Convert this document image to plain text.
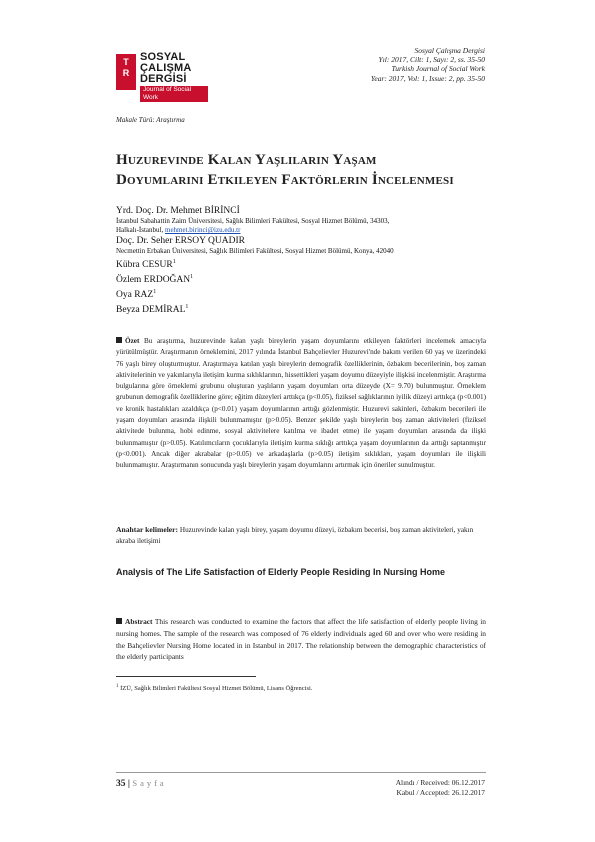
T
R
SOSYAL
ÇALIŞMA
DERGİSİ
Journal of Social Work
Sosyal Çalışma Dergisi
Yıl: 2017, Cilt: 1, Sayı: 2, ss. 35-50
Turkish Journal of Social Work
Year: 2017, Vol: 1, Issue: 2, pp. 35-50
Makale Türü: Araştırma
Huzurevinde Kalan Yaşlıların Yaşam
Doyumlarını Etkileyen Faktörlerin İncelenmesi
Yrd. Doç. Dr. Mehmet BİRİNCİ
İstanbul Sabahattin Zaim Üniversitesi, Sağlık Bilimleri Fakültesi, Sosyal Hizmet Bölümü, 34303,
Halkalı-İstanbul, mehmet.birinci@izu.edu.tr
Doç. Dr. Seher ERSOY QUADIR
Necmettin Erbakan Üniversitesi, Sağlık Bilimleri Fakültesi, Sosyal Hizmet Bölümü, Konya, 42040
Kübra CESUR$^1$
Özlem ERDOĞAN$^1$
Oya RAZ$^1$
Beyza DEMİRAL$^1$
Özet Bu araştırma, huzurevinde kalan yaşlı bireylerin yaşam doyumlarını etkileyen faktörleri incelemek amacıyla yürütülmüştür. Araştırmanın örneklemini, 2017 yılında İstanbul Bahçelievler Huzurevi'nde bakım verilen 60 yaş ve üzerindeki 76 yaşlı birey oluşturmuştur. Araştırmaya katılan yaşlı bireylerin demografik özelliklerinin, özbakım becerilerinin, boş zaman aktivitelerinin ve yakınlarıyla iletişim kurma sıklıklarının, hissettikleri yaşam doyumu düzeyiyle ilişkisi incelenmiştir. Araştırma bulgularına göre örneklemi grubunu oluşturan yaşlıların yaşam doyumları orta düzeyde (X= 9.70) bulunmuştur. Örneklem grubunun demografik özelliklerine göre; eğitim düzeyleri arttıkça (p<0.05), fiziksel sağlıklarının iyilik düzeyi arttıkça (p<0.001) ve kronik hastalıkları azaldıkça (p<0.01) yaşam doyumlarının arttığı gözlenmiştir. Huzurevi sakinleri, özbakım becerileri ile yaşam doyumları arasında ilişkili bulunmamıştır (p>0.05). Benzer şekilde yaşlı bireylerin boş zaman aktiviteleri (fiziksel aktivitede bulunma, hobi edinme, sosyal aktivitelere katılma ve ibadet etme) ile yaşam doyumları arasında da ilişki bulunmamıştır (p>0.05). Katılımcıların çocuklarıyla iletişim kurma sıklığı arttıkça yaşam doyumlarının da arttığı saptanmıştır (p<0.001). Ancak diğer akrabalar (p>0.05) ve arkadaşlarla (p>0.05) iletişim sıklıkları, yaşam doyumları ile ilişkili bulunmamıştır. Araştırmanın sonucunda yaşlı bireylerin yaşam doyumlarını artırmak için öneriler sunulmuştur.
Anahtar kelimeler: Huzurevinde kalan yaşlı birey, yaşam doyumu düzeyi, özbakım becerisi, boş zaman aktiviteleri, yakın akraba iletişimi
Analysis of The Life Satisfaction of Elderly People Residing In Nursing Home
Abstract This research was conducted to examine the factors that affect the life satisfaction of elderly people living in nursing homes. The sample of the research was composed of 76 elderly individuals aged 60 and over who were residing in the Bahçelievler Nursing Home located in in Istanbul in 2017. The relationship between the demographic characteristics of the elderly participants
$^1$ İZÜ, Sağlık Bilimleri Fakültesi Sosyal Hizmet Bölümü, Lisans Öğrencisi.
35 | Sayfa	Alındı / Received: 06.12.2017
Kabul / Accepted: 26.12.2017
